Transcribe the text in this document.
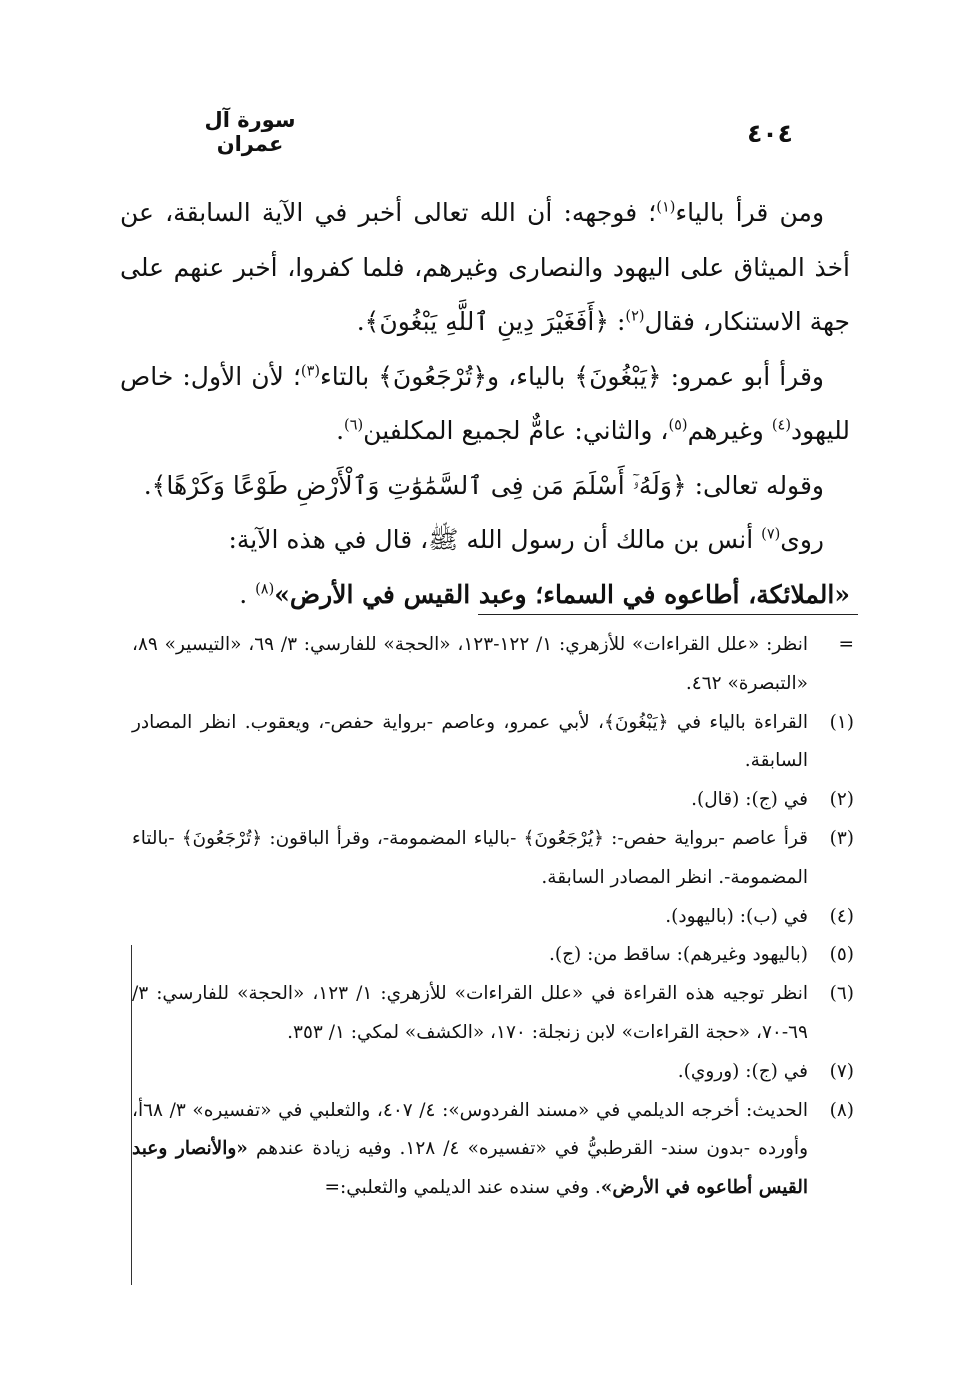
٤٠٤
سورة آل عمران

ومن قرأ بالياء$^{(١)}$؛ فوجهه: أن الله تعالى أخبر في الآية السابقة، عن أخذ الميثاق على اليهود والنصارى وغيرهم، فلما كفروا، أخبر عنهم على جهة الاستنكار، فقال$^{(٢)}$: ﴿أَفَغَيْرَ دِينِ ٱللَّهِ يَبْغُونَ﴾.

وقرأ أبو عمرو: ﴿يَبْغُونَ﴾ بالياء، و﴿تُرْجَعُونَ﴾ بالتاء$^{(٣)}$؛ لأن الأول: خاص لليهود$^{(٤)}$ وغيرهم$^{(٥)}$، والثاني: عامٌّ لجميع المكلفين$^{(٦)}$.

وقوله تعالى: ﴿وَلَهُۥٓ أَسْلَمَ مَن فِى ٱلسَّمَٰوَٰتِ وَٱلْأَرْضِ طَوْعًا وَكَرْهًا﴾.

روى$^{(٧)}$ أنس بن مالك أن رسول الله ﷺ، قال في هذه الآية:
«الملائكة، أطاعوه في السماء؛ وعبد القيس في الأرض»$^{(٨)}$ .

=
انظر: «علل القراءات» للأزهري: ١/ ١٢٢-١٢٣، «الحجة» للفارسي: ٣/ ٦٩، «التيسير» ٨٩، «التبصرة» ٤٦٢.
(١)
القراءة بالياء في ﴿يَبْغُونَ﴾، لأبي عمرو، وعاصم -برواية حفص-، ويعقوب. انظر المصادر السابقة.
(٢)
في (ج): (قال).
(٣)
قرأ عاصم -برواية حفص-: ﴿يُرْجَعُونَ﴾ -بالياء المضمومة-، وقرأ الباقون: ﴿تُرْجَعُونَ﴾ -بالتاء المضمومة-. انظر المصادر السابقة.
(٤)
في (ب): (باليهود).
(٥)
(باليهود وغيرهم): ساقط من: (ج).
(٦)
انظر توجيه هذه القراءة في «علل القراءات» للأزهري: ١/ ١٢٣، «الحجة» للفارسي: ٣/ ٦٩-٧٠، «حجة القراءات» لابن زنجلة: ١٧٠، «الكشف» لمكي: ١/ ٣٥٣.
(٧)
في (ج): (وروي).
(٨)
الحديث: أخرجه الديلمي في «مسند الفردوس»: ٤/ ٤٠٧، والثعلبي في «تفسيره» ٣/ ٦٨أ، وأورده -بدون سند- القرطبيُّ في «تفسيره» ٤/ ١٢٨. وفيه زيادة عندهم «والأنصار وعبد القيس أطاعوه في الأرض». وفي سنده عند الديلمي والثعلبي:=
